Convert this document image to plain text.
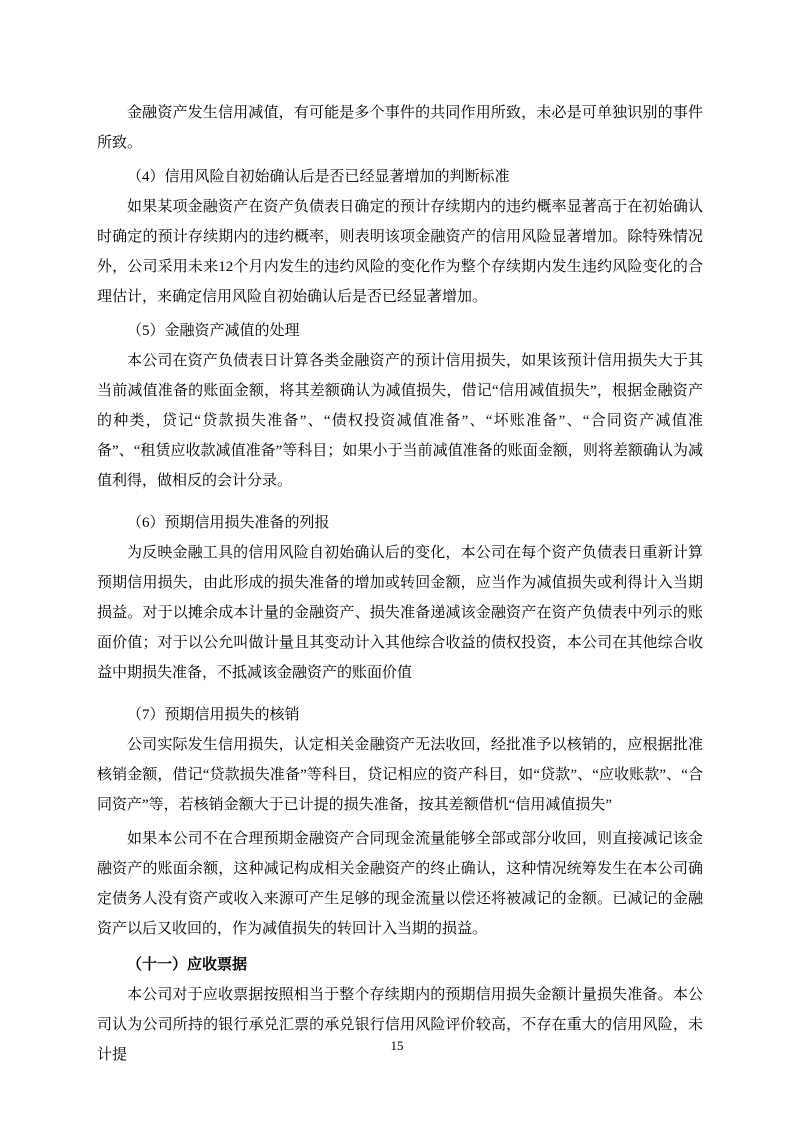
金融资产发生信用减值，有可能是多个事件的共同作用所致，未必是可单独识别的事件所致。

（4）信用风险自初始确认后是否已经显著增加的判断标准

如果某项金融资产在资产负债表日确定的预计存续期内的违约概率显著高于在初始确认时确定的预计存续期内的违约概率，则表明该项金融资产的信用风险显著增加。除特殊情况外，公司采用未来12个月内发生的违约风险的变化作为整个存续期内发生违约风险变化的合理估计，来确定信用风险自初始确认后是否已经显著增加。

（5）金融资产减值的处理

本公司在资产负债表日计算各类金融资产的预计信用损失，如果该预计信用损失大于其当前减值准备的账面金额，将其差额确认为减值损失，借记“信用减值损失”，根据金融资产的种类，贷记“贷款损失准备”、“债权投资减值准备”、“坏账准备”、“合同资产减值准备”、“租赁应收款减值准备”等科目；如果小于当前减值准备的账面金额，则将差额确认为减值利得，做相反的会计分录。

（6）预期信用损失准备的列报

为反映金融工具的信用风险自初始确认后的变化，本公司在每个资产负债表日重新计算预期信用损失，由此形成的损失准备的增加或转回金额，应当作为减值损失或利得计入当期损益。对于以摊余成本计量的金融资产、损失准备递减该金融资产在资产负债表中列示的账面价值；对于以公允叫做计量且其变动计入其他综合收益的债权投资，本公司在其他综合收益中期损失准备，不抵减该金融资产的账面价值

（7）预期信用损失的核销

公司实际发生信用损失，认定相关金融资产无法收回，经批准予以核销的，应根据批准核销金额，借记“贷款损失准备”等科目，贷记相应的资产科目，如“贷款”、“应收账款”、“合同资产”等，若核销金额大于已计提的损失准备，按其差额借机“信用减值损失”

如果本公司不在合理预期金融资产合同现金流量能够全部或部分收回，则直接减记该金融资产的账面余额，这种减记构成相关金融资产的终止确认，这种情况统筹发生在本公司确定债务人没有资产或收入来源可产生足够的现金流量以偿还将被减记的金额。已减记的金融资产以后又收回的，作为减值损失的转回计入当期的损益。

（十一）应收票据

本公司对于应收票据按照相当于整个存续期内的预期信用损失金额计量损失准备。本公司认为公司所持的银行承兑汇票的承兑银行信用风险评价较高，不存在重大的信用风险，未计提

15
